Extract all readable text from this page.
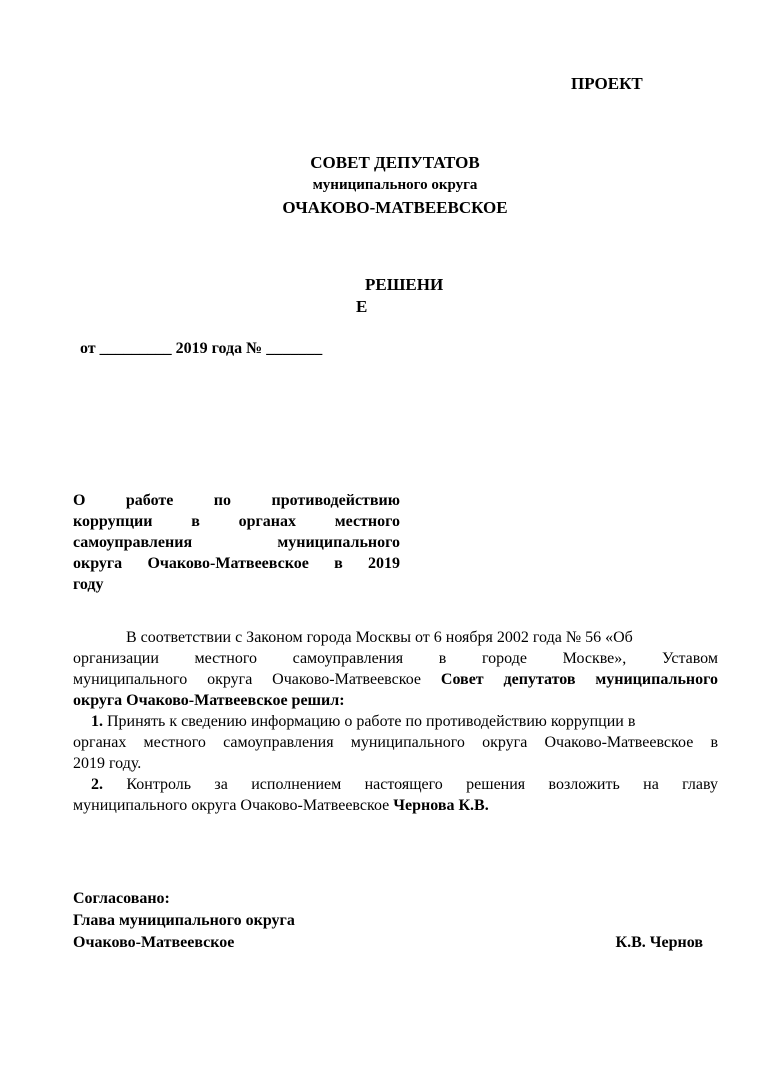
ПРОЕКТ
СОВЕТ ДЕПУТАТОВ
муниципального округа
ОЧАКОВО-МАТВЕЕВСКОЕ
РЕШЕНИ
Е
от _________ 2019 года № _______
О работе по противодействию
коррупции в органах местного
самоуправления муниципального
округа Очаково-Матвеевское в 2019
году
В соответствии с Законом города Москвы от 6 ноября 2002 года № 56 «Об
организации местного самоуправления в городе Москве», Уставом
муниципального округа Очаково-Матвеевское Совет депутатов муниципального
округа Очаково-Матвеевское решил:
1. Принять к сведению информацию о работе по противодействию коррупции в
органах местного самоуправления муниципального округа Очаково-Матвеевское в
2019 году.
2. Контроль за исполнением настоящего решения возложить на главу
муниципального округа Очаково-Матвеевское Чернова К.В.
Согласовано:
Глава муниципального округа
Очаково-Матвеевское	К.В. Чернов
